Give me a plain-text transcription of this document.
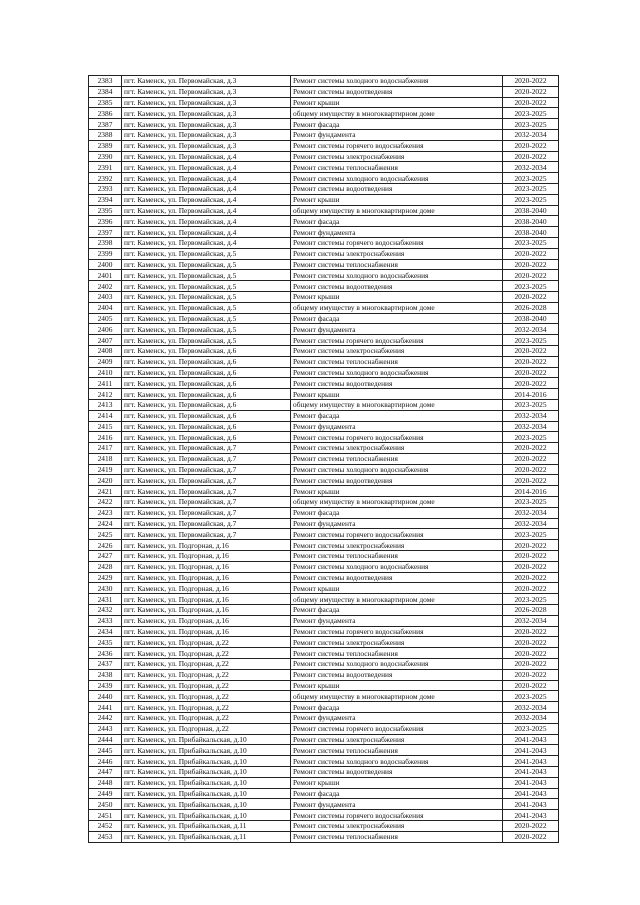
2383	пгт. Каменск, ул. Первомайская, д.3	Ремонт системы холодного водоснабжения	2020-2022
2384	пгт. Каменск, ул. Первомайская, д.3	Ремонт системы водоотведения	2020-2022
2385	пгт. Каменск, ул. Первомайская, д.3	Ремонт крыши	2020-2022
2386	пгт. Каменск, ул. Первомайская, д.3	общему имуществу в многоквартирном доме	2023-2025
2387	пгт. Каменск, ул. Первомайская, д.3	Ремонт фасада	2023-2025
2388	пгт. Каменск, ул. Первомайская, д.3	Ремонт фундамента	2032-2034
2389	пгт. Каменск, ул. Первомайская, д.3	Ремонт системы горячего водоснабжения	2020-2022
2390	пгт. Каменск, ул. Первомайская, д.4	Ремонт системы электроснабжения	2020-2022
2391	пгт. Каменск, ул. Первомайская, д.4	Ремонт системы теплоснабжения	2032-2034
2392	пгт. Каменск, ул. Первомайская, д.4	Ремонт системы холодного водоснабжения	2023-2025
2393	пгт. Каменск, ул. Первомайская, д.4	Ремонт системы водоотведения	2023-2025
2394	пгт. Каменск, ул. Первомайская, д.4	Ремонт крыши	2023-2025
2395	пгт. Каменск, ул. Первомайская, д.4	общему имуществу в многоквартирном доме	2038-2040
2396	пгт. Каменск, ул. Первомайская, д.4	Ремонт фасада	2038-2040
2397	пгт. Каменск, ул. Первомайская, д.4	Ремонт фундамента	2038-2040
2398	пгт. Каменск, ул. Первомайская, д.4	Ремонт системы горячего водоснабжения	2023-2025
2399	пгт. Каменск, ул. Первомайская, д.5	Ремонт системы электроснабжения	2020-2022
2400	пгт. Каменск, ул. Первомайская, д.5	Ремонт системы теплоснабжения	2020-2022
2401	пгт. Каменск, ул. Первомайская, д.5	Ремонт системы холодного водоснабжения	2020-2022
2402	пгт. Каменск, ул. Первомайская, д.5	Ремонт системы водоотведения	2023-2025
2403	пгт. Каменск, ул. Первомайская, д.5	Ремонт крыши	2020-2022
2404	пгт. Каменск, ул. Первомайская, д.5	общему имуществу в многоквартирном доме	2026-2028
2405	пгт. Каменск, ул. Первомайская, д.5	Ремонт фасада	2038-2040
2406	пгт. Каменск, ул. Первомайская, д.5	Ремонт фундамента	2032-2034
2407	пгт. Каменск, ул. Первомайская, д.5	Ремонт системы горячего водоснабжения	2023-2025
2408	пгт. Каменск, ул. Первомайская, д.6	Ремонт системы электроснабжения	2020-2022
2409	пгт. Каменск, ул. Первомайская, д.6	Ремонт системы теплоснабжения	2020-2022
2410	пгт. Каменск, ул. Первомайская, д.6	Ремонт системы холодного водоснабжения	2020-2022
2411	пгт. Каменск, ул. Первомайская, д.6	Ремонт системы водоотведения	2020-2022
2412	пгт. Каменск, ул. Первомайская, д.6	Ремонт крыши	2014-2016
2413	пгт. Каменск, ул. Первомайская, д.6	общему имуществу в многоквартирном доме	2023-2025
2414	пгт. Каменск, ул. Первомайская, д.6	Ремонт фасада	2032-2034
2415	пгт. Каменск, ул. Первомайская, д.6	Ремонт фундамента	2032-2034
2416	пгт. Каменск, ул. Первомайская, д.6	Ремонт системы горячего водоснабжения	2023-2025
2417	пгт. Каменск, ул. Первомайская, д.7	Ремонт системы электроснабжения	2020-2022
2418	пгт. Каменск, ул. Первомайская, д.7	Ремонт системы теплоснабжения	2020-2022
2419	пгт. Каменск, ул. Первомайская, д.7	Ремонт системы холодного водоснабжения	2020-2022
2420	пгт. Каменск, ул. Первомайская, д.7	Ремонт системы водоотведения	2020-2022
2421	пгт. Каменск, ул. Первомайская, д.7	Ремонт крыши	2014-2016
2422	пгт. Каменск, ул. Первомайская, д.7	общему имуществу в многоквартирном доме	2023-2025
2423	пгт. Каменск, ул. Первомайская, д.7	Ремонт фасада	2032-2034
2424	пгт. Каменск, ул. Первомайская, д.7	Ремонт фундамента	2032-2034
2425	пгт. Каменск, ул. Первомайская, д.7	Ремонт системы горячего водоснабжения	2023-2025
2426	пгт. Каменск, ул. Подгорная, д.16	Ремонт системы электроснабжения	2020-2022
2427	пгт. Каменск, ул. Подгорная, д.16	Ремонт системы теплоснабжения	2020-2022
2428	пгт. Каменск, ул. Подгорная, д.16	Ремонт системы холодного водоснабжения	2020-2022
2429	пгт. Каменск, ул. Подгорная, д.16	Ремонт системы водоотведения	2020-2022
2430	пгт. Каменск, ул. Подгорная, д.16	Ремонт крыши	2020-2022
2431	пгт. Каменск, ул. Подгорная, д.16	общему имуществу в многоквартирном доме	2023-2025
2432	пгт. Каменск, ул. Подгорная, д.16	Ремонт фасада	2026-2028
2433	пгт. Каменск, ул. Подгорная, д.16	Ремонт фундамента	2032-2034
2434	пгт. Каменск, ул. Подгорная, д.16	Ремонт системы горячего водоснабжения	2020-2022
2435	пгт. Каменск, ул. Подгорная, д.22	Ремонт системы электроснабжения	2020-2022
2436	пгт. Каменск, ул. Подгорная, д.22	Ремонт системы теплоснабжения	2020-2022
2437	пгт. Каменск, ул. Подгорная, д.22	Ремонт системы холодного водоснабжения	2020-2022
2438	пгт. Каменск, ул. Подгорная, д.22	Ремонт системы водоотведения	2020-2022
2439	пгт. Каменск, ул. Подгорная, д.22	Ремонт крыши	2020-2022
2440	пгт. Каменск, ул. Подгорная, д.22	общему имуществу в многоквартирном доме	2023-2025
2441	пгт. Каменск, ул. Подгорная, д.22	Ремонт фасада	2032-2034
2442	пгт. Каменск, ул. Подгорная, д.22	Ремонт фундамента	2032-2034
2443	пгт. Каменск, ул. Подгорная, д.22	Ремонт системы горячего водоснабжения	2023-2025
2444	пгт. Каменск, ул. Прибайкальская, д.10	Ремонт системы электроснабжения	2041-2043
2445	пгт. Каменск, ул. Прибайкальская, д.10	Ремонт системы теплоснабжения	2041-2043
2446	пгт. Каменск, ул. Прибайкальская, д.10	Ремонт системы холодного водоснабжения	2041-2043
2447	пгт. Каменск, ул. Прибайкальская, д.10	Ремонт системы водоотведения	2041-2043
2448	пгт. Каменск, ул. Прибайкальская, д.10	Ремонт крыши	2041-2043
2449	пгт. Каменск, ул. Прибайкальская, д.10	Ремонт фасада	2041-2043
2450	пгт. Каменск, ул. Прибайкальская, д.10	Ремонт фундамента	2041-2043
2451	пгт. Каменск, ул. Прибайкальская, д.10	Ремонт системы горячего водоснабжения	2041-2043
2452	пгт. Каменск, ул. Прибайкальская, д.11	Ремонт системы электроснабжения	2020-2022
2453	пгт. Каменск, ул. Прибайкальская, д.11	Ремонт системы теплоснабжения	2020-2022
